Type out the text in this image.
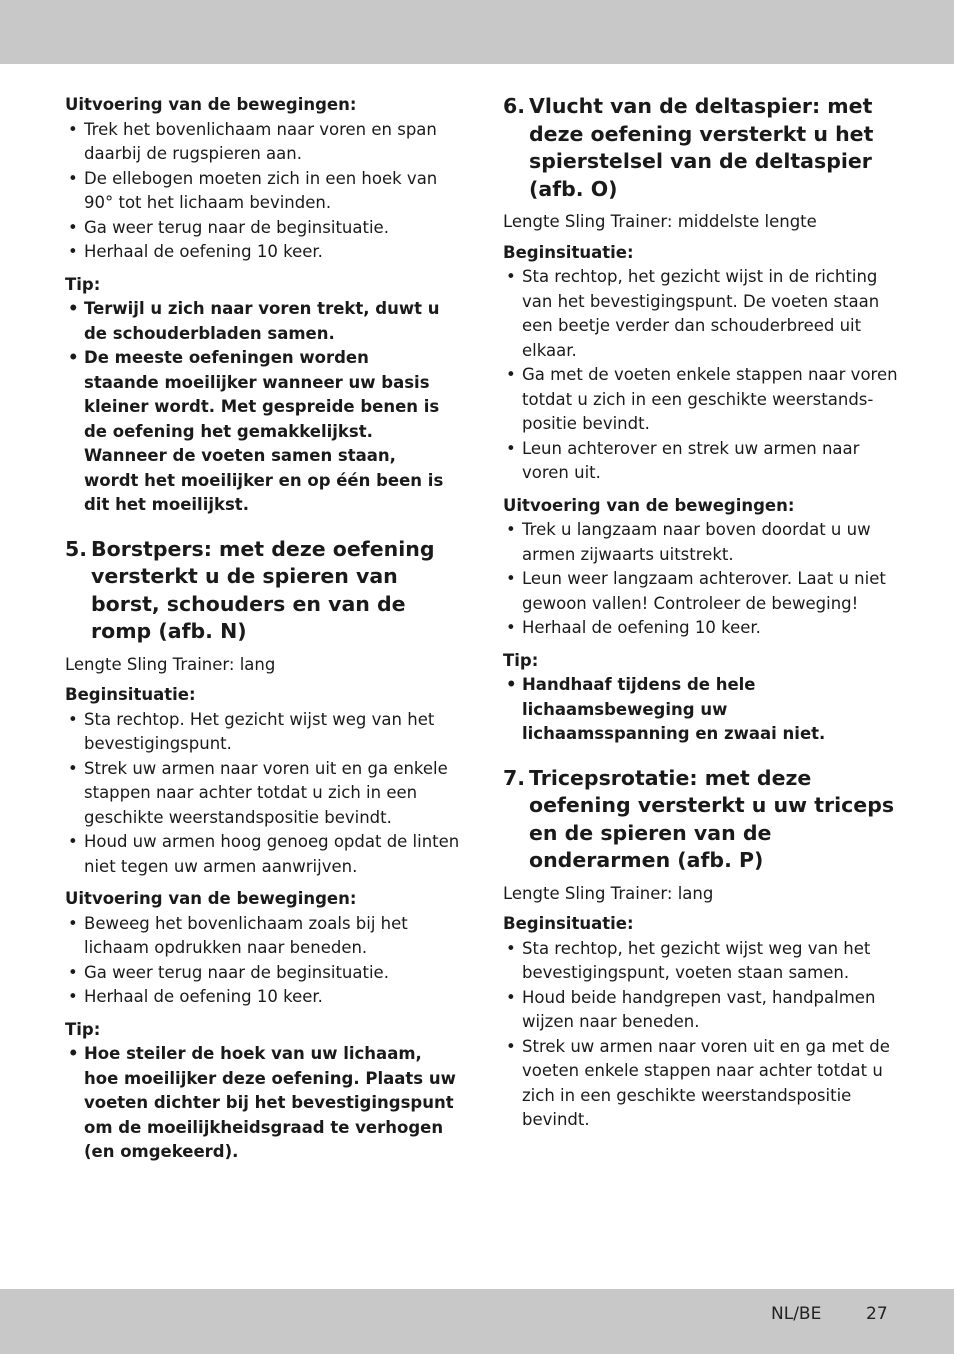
Uitvoering van de bewegingen:
• Trek het bovenlichaam naar voren en span daarbij de rugspieren aan.
• De ellebogen moeten zich in een hoek van 90° tot het lichaam bevinden.
• Ga weer terug naar de beginsituatie.
• Herhaal de oefening 10 keer.
Tip:
• Terwijl u zich naar voren trekt, duwt u de schouderbladen samen.
• De meeste oefeningen worden staande moeilijker wanneer uw basis kleiner wordt. Met gespreide benen is de oefening het gemakkelijkst. Wanneer de voeten samen staan, wordt het moeilijker en op één been is dit het moeilijkst.
5. Borstpers: met deze oefening versterkt u de spieren van borst, schouders en van de romp (afb. N)
Lengte Sling Trainer: lang
Beginsituatie:
• Sta rechtop. Het gezicht wijst weg van het bevestigingspunt.
• Strek uw armen naar voren uit en ga enkele stappen naar achter totdat u zich in een geschikte weerstandspositie bevindt.
• Houd uw armen hoog genoeg opdat de linten niet tegen uw armen aanwrijven.
Uitvoering van de bewegingen:
• Beweeg het bovenlichaam zoals bij het lichaam opdrukken naar beneden.
• Ga weer terug naar de beginsituatie.
• Herhaal de oefening 10 keer.
Tip:
• Hoe steiler de hoek van uw lichaam, hoe moeilijker deze oefening. Plaats uw voeten dichter bij het bevestigingspunt om de moeilijkheidsgraad te verhogen (en omgekeerd).
6. Vlucht van de deltaspier: met deze oefening versterkt u het spierstelsel van de deltaspier (afb. O)
Lengte Sling Trainer: middelste lengte
Beginsituatie:
• Sta rechtop, het gezicht wijst in de richting van het bevestigingspunt. De voeten staan een beetje verder dan schouderbreed uit elkaar.
• Ga met de voeten enkele stappen naar voren totdat u zich in een geschikte weerstands-positie bevindt.
• Leun achterover en strek uw armen naar voren uit.
Uitvoering van de bewegingen:
• Trek u langzaam naar boven doordat u uw armen zijwaarts uitstrekt.
• Leun weer langzaam achterover. Laat u niet gewoon vallen! Controleer de beweging!
• Herhaal de oefening 10 keer.
Tip:
• Handhaaf tijdens de hele lichaamsbeweging uw lichaamsspanning en zwaai niet.
7. Tricepsrotatie: met deze oefening versterkt u uw triceps en de spieren van de onderarmen (afb. P)
Lengte Sling Trainer: lang
Beginsituatie:
• Sta rechtop, het gezicht wijst weg van het bevestigingspunt, voeten staan samen.
• Houd beide handgrepen vast, handpalmen wijzen naar beneden.
• Strek uw armen naar voren uit en ga met de voeten enkele stappen naar achter totdat u zich in een geschikte weerstandspositie bevindt.
NL/BE	27
